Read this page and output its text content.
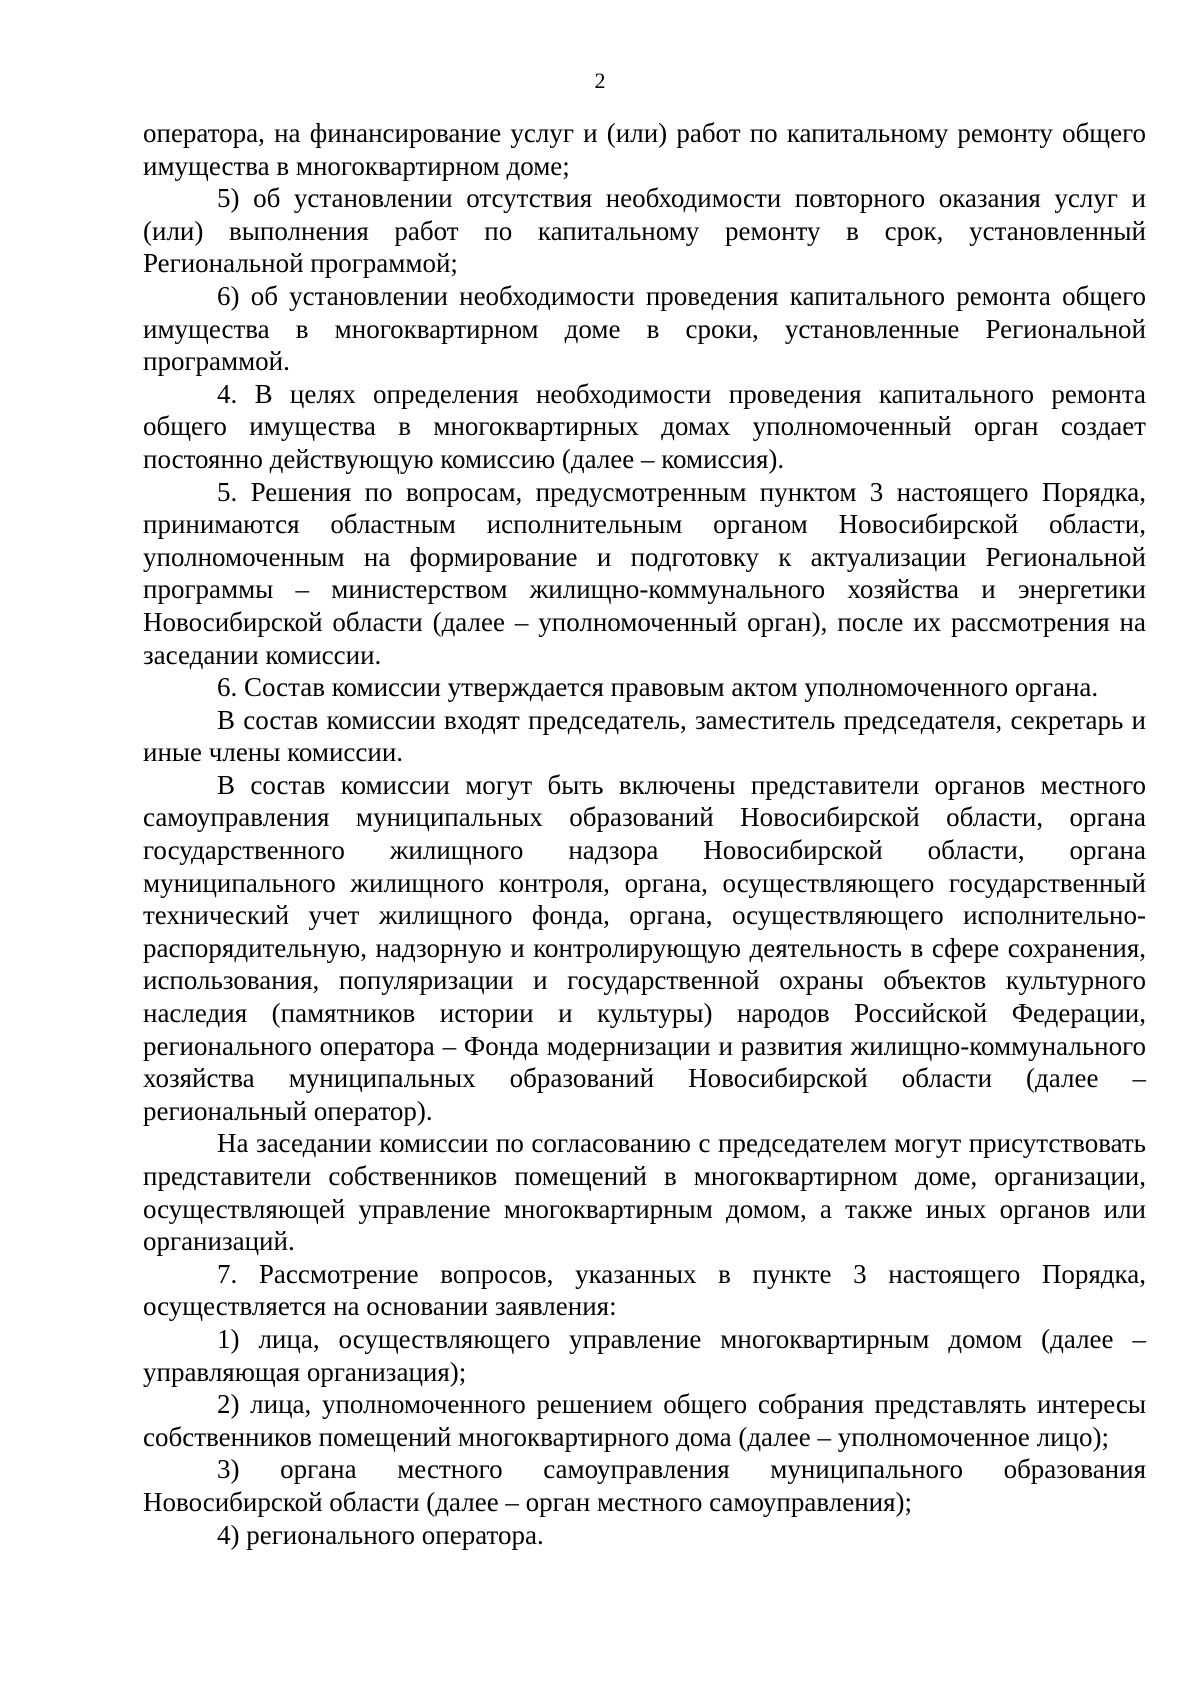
2

оператора, на финансирование услуг и (или) работ по капитальному ремонту общего имущества в многоквартирном доме;

5) об установлении отсутствия необходимости повторного оказания услуг и (или) выполнения работ по капитальному ремонту в срок, установленный Региональной программой;

6) об установлении необходимости проведения капитального ремонта общего имущества в многоквартирном доме в сроки, установленные Региональной программой.

4. В целях определения необходимости проведения капитального ремонта общего имущества в многоквартирных домах уполномоченный орган создает постоянно действующую комиссию (далее – комиссия).

5. Решения по вопросам, предусмотренным пунктом 3 настоящего Порядка, принимаются областным исполнительным органом Новосибирской области, уполномоченным на формирование и подготовку к актуализации Региональной программы – министерством жилищно-коммунального хозяйства и энергетики Новосибирской области (далее – уполномоченный орган), после их рассмотрения на заседании комиссии.

6. Состав комиссии утверждается правовым актом уполномоченного органа.

В состав комиссии входят председатель, заместитель председателя, секретарь и иные члены комиссии.

В состав комиссии могут быть включены представители органов местного самоуправления муниципальных образований Новосибирской области, органа государственного жилищного надзора Новосибирской области, органа муниципального жилищного контроля, органа, осуществляющего государственный технический учет жилищного фонда, органа, осуществляющего исполнительно-распорядительную, надзорную и контролирующую деятельность в сфере сохранения, использования, популяризации и государственной охраны объектов культурного наследия (памятников истории и культуры) народов Российской Федерации, регионального оператора – Фонда модернизации и развития жилищно-коммунального хозяйства муниципальных образований Новосибирской области (далее – региональный оператор).

На заседании комиссии по согласованию с председателем могут присутствовать представители собственников помещений в многоквартирном доме, организации, осуществляющей управление многоквартирным домом, а также иных органов или организаций.

7. Рассмотрение вопросов, указанных в пункте 3 настоящего Порядка, осуществляется на основании заявления:

1) лица, осуществляющего управление многоквартирным домом (далее – управляющая организация);

2) лица, уполномоченного решением общего собрания представлять интересы собственников помещений многоквартирного дома (далее – уполномоченное лицо);

3) органа местного самоуправления муниципального образования Новосибирской области (далее – орган местного самоуправления);

4) регионального оператора.
